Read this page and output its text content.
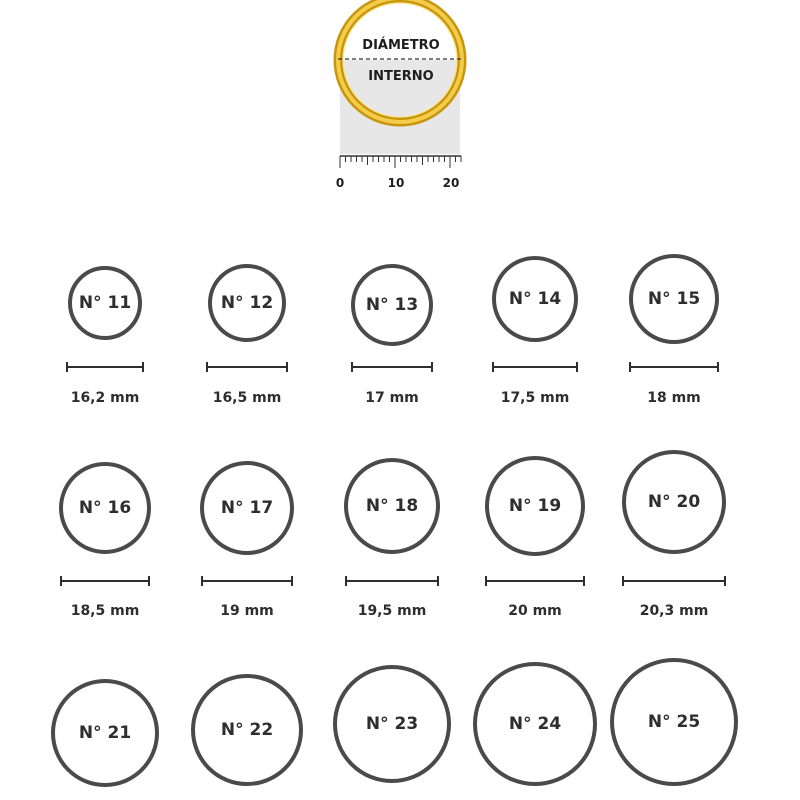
DIÁMETRO
INTERNO
0	10	20
N° 11
16,2 mm
N° 12
16,5 mm
N° 13
17 mm
N° 14
17,5 mm
N° 15
18 mm
N° 16
18,5 mm
N° 17
19 mm
N° 18
19,5 mm
N° 19
20 mm
N° 20
20,3 mm
N° 21	N° 22	N° 23	N° 24	N° 25
